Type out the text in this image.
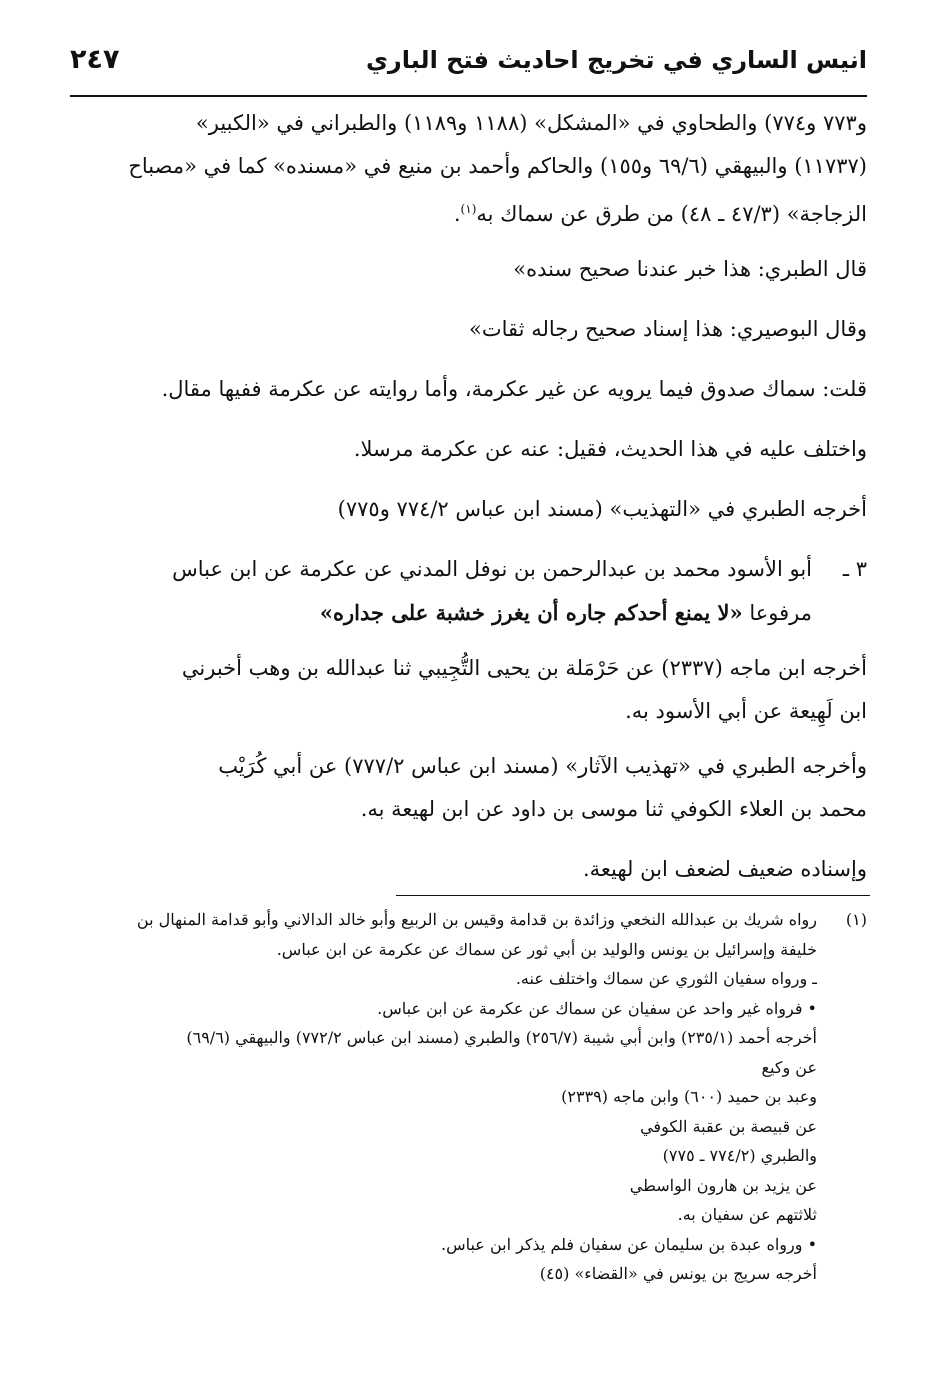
انيس الساري في تخريج احاديث فتح الباري
٢٤٧

و٧٧٣ و٧٧٤) والطحاوي في «المشكل» (١١٨٨ و١١٨٩) والطبراني في «الكبير»
(١١٧٣٧) والبيهقي (٦٩/٦ و١٥٥) والحاكم وأحمد بن منيع في «مسنده» كما في «مصباح
الزجاجة» (٤٧/٣ ـ ٤٨) من طرق عن سماك به$^{(١)}$.

قال الطبري: هذا خبر عندنا صحيح سنده»

وقال البوصيري: هذا إسناد صحيح رجاله ثقات»

قلت: سماك صدوق فيما يرويه عن غير عكرمة، وأما روايته عن عكرمة ففيها مقال.

واختلف عليه في هذا الحديث، فقيل: عنه عن عكرمة مرسلا.

أخرجه الطبري في «التهذيب» (مسند ابن عباس ٧٧٤/٢ و٧٧٥)

٣ ـ
أبو الأسود محمد بن عبدالرحمن بن نوفل المدني عن عكرمة عن ابن عباس
مرفوعا «لا يمنع أحدكم جاره أن يغرز خشبة على جداره»

أخرجه ابن ماجه (٢٣٣٧) عن حَرْمَلة بن يحيى التُّجِيبي ثنا عبدالله بن وهب أخبرني
ابن لَهِيعة عن أبي الأسود به.

وأخرجه الطبري في «تهذيب الآثار» (مسند ابن عباس ٧٧٧/٢) عن أبي كُرَيْب
محمد بن العلاء الكوفي ثنا موسى بن داود عن ابن لهيعة به.

وإسناده ضعيف لضعف ابن لهيعة.

(١)
رواه شريك بن عبدالله النخعي وزائدة بن قدامة وقيس بن الربيع وأبو خالد الدالاني وأبو قدامة المنهال بن
خليفة وإسرائيل بن يونس والوليد بن أبي ثور عن سماك عن عكرمة عن ابن عباس.
ـ ورواه سفيان الثوري عن سماك واختلف عنه.
• فرواه غير واحد عن سفيان عن سماك عن عكرمة عن ابن عباس.
أخرجه أحمد (٢٣٥/١) وابن أبي شيبة (٢٥٦/٧) والطبري (مسند ابن عباس ٧٧٢/٢) والبيهقي (٦٩/٦)
عن وكيع
وعبد بن حميد (٦٠٠) وابن ماجه (٢٣٣٩)
عن قبيصة بن عقبة الكوفي
والطبري (٧٧٤/٢ ـ ٧٧٥)
عن يزيد بن هارون الواسطي
ثلاثتهم عن سفيان به.
• ورواه عبدة بن سليمان عن سفيان فلم يذكر ابن عباس.
أخرجه سريج بن يونس في «القضاء» (٤٥)
